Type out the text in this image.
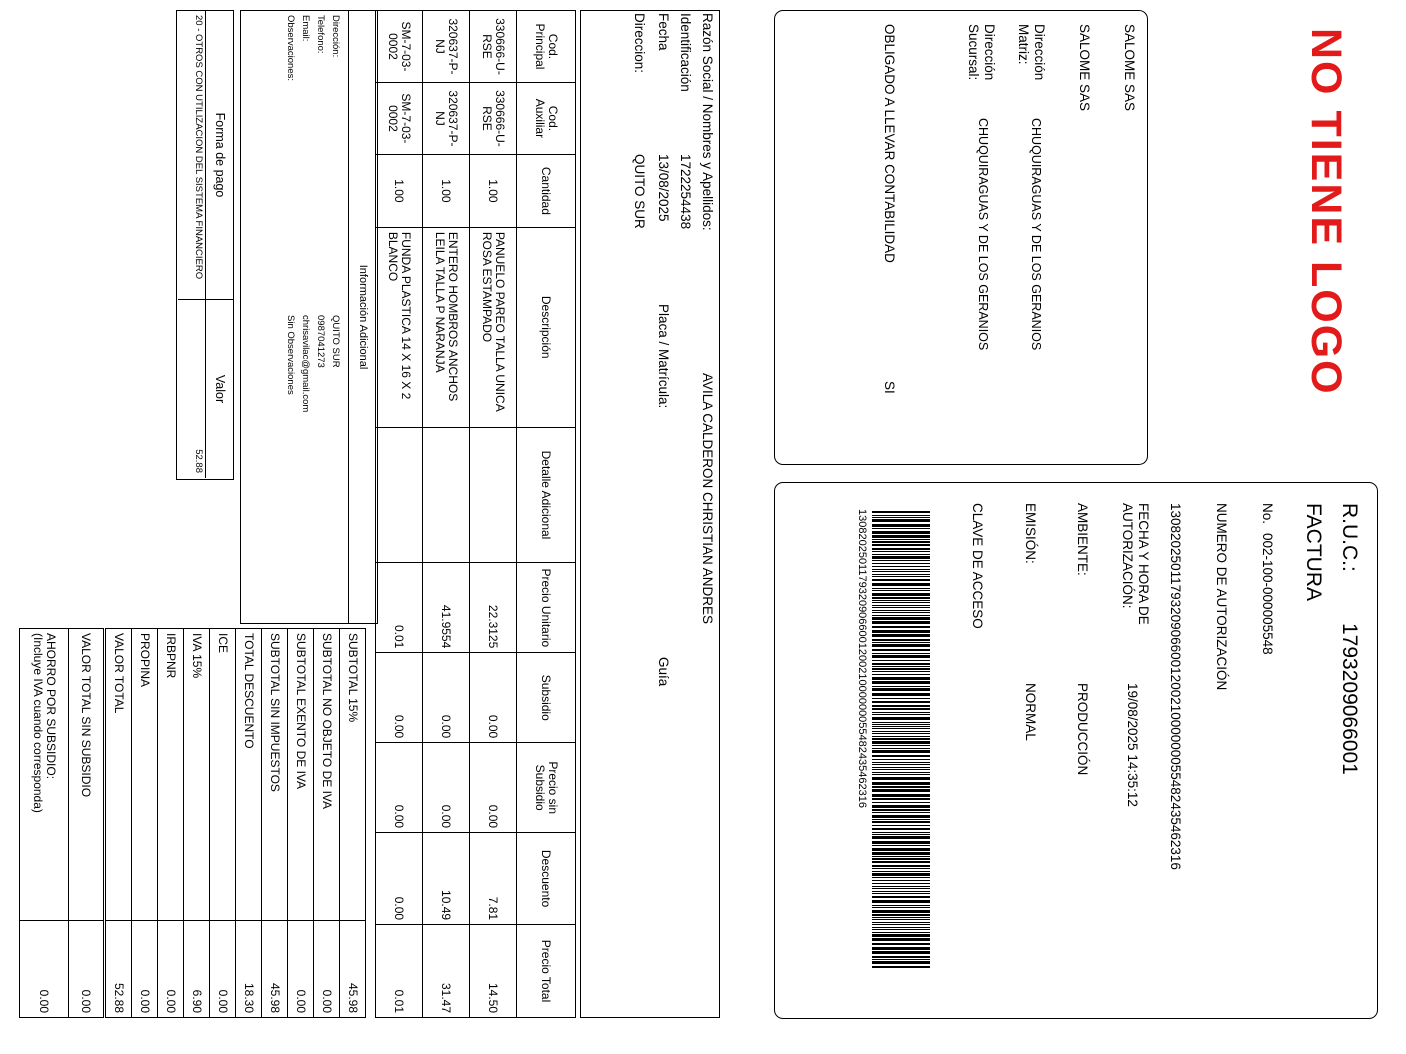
NO TIENE LOGO
SALOME SAS
SALOME SAS
Dirección Matriz:
CHUQUIRAGUAS Y DE LOS GERANIOS
Dirección Sucursal:
CHUQUIRAGUAS Y DE LOS GERANIOS
OBLIGADO A LLEVAR CONTABILIDAD
SI
R.U.C.:
1793209066001
FACTURA
No.
002-100-000005548
NUMERO DE AUTORIZACIÓN
1308202501179320906600120021000000055482435462316
FECHA Y HORA DE AUTORIZACIÓN:
19/08/2025 14:35:12
AMBIENTE:
PRODUCCIÓN
EMISIÓN:
NORMAL
CLAVE DE ACCESO
1308202501179320906600120021000000055482435462316
Razón Social / Nombres y Apellidos:
AVILA CALDERON CHRISTIAN ANDRES
Identificación
1722254438
Fecha
13/08/2025
Placa / Matrícula:
Guía
Direccion:
QUITO SUR
Cod. Principal	Cod. Auxiliar	Cantidad	Descripción	Detalle Adicional	Precio Unitario	Subsidio	Precio sin Subsidio	Descuento	Precio Total
330666-U-RSE	330666-U-RSE	1.00	PANUELO PAREO TALLA UNICA ROSA ESTAMPADO		22.3125	0.00	0.00	7.81	14.50
320637-P-NJ	320637-P-NJ	1.00	ENTERO HOMBROS ANCHOS LEILA TALLA P NARANJA		41.9554	0.00	0.00	10.49	31.47
SM-7-03-0002	SM-7-03-0002	1.00	FUNDA PLASTICA 14 X 16 X 2 BLANCO		0.01	0.00	0.00	0.00	0.01
Información Adicional
Dirección:	QUITO SUR
Telefono:	0987041273
Email:	chrisavilac@gmail.com
Observaciones:	Sin Observaciones
Forma de pago
Valor
20 - OTROS CON UTILIZACION DEL SISTEMA FINANCIERO
52.88
SUBTOTAL 15%	45.98
SUBTOTAL NO OBJETO DE IVA	0.00
SUBTOTAL EXENTO DE IVA	0.00
SUBTOTAL SIN IMPUESTOS	45.98
TOTAL DESCUENTO	18.30
ICE	0.00
IVA 15%	6.90
IRBPNR	0.00
PROPINA	0.00
VALOR TOTAL	52.88
VALOR TOTAL SIN SUBSIDIO	0.00

AHORRO POR SUBSIDIO:
(Incluye IVA cuando corresponda)	0.00
